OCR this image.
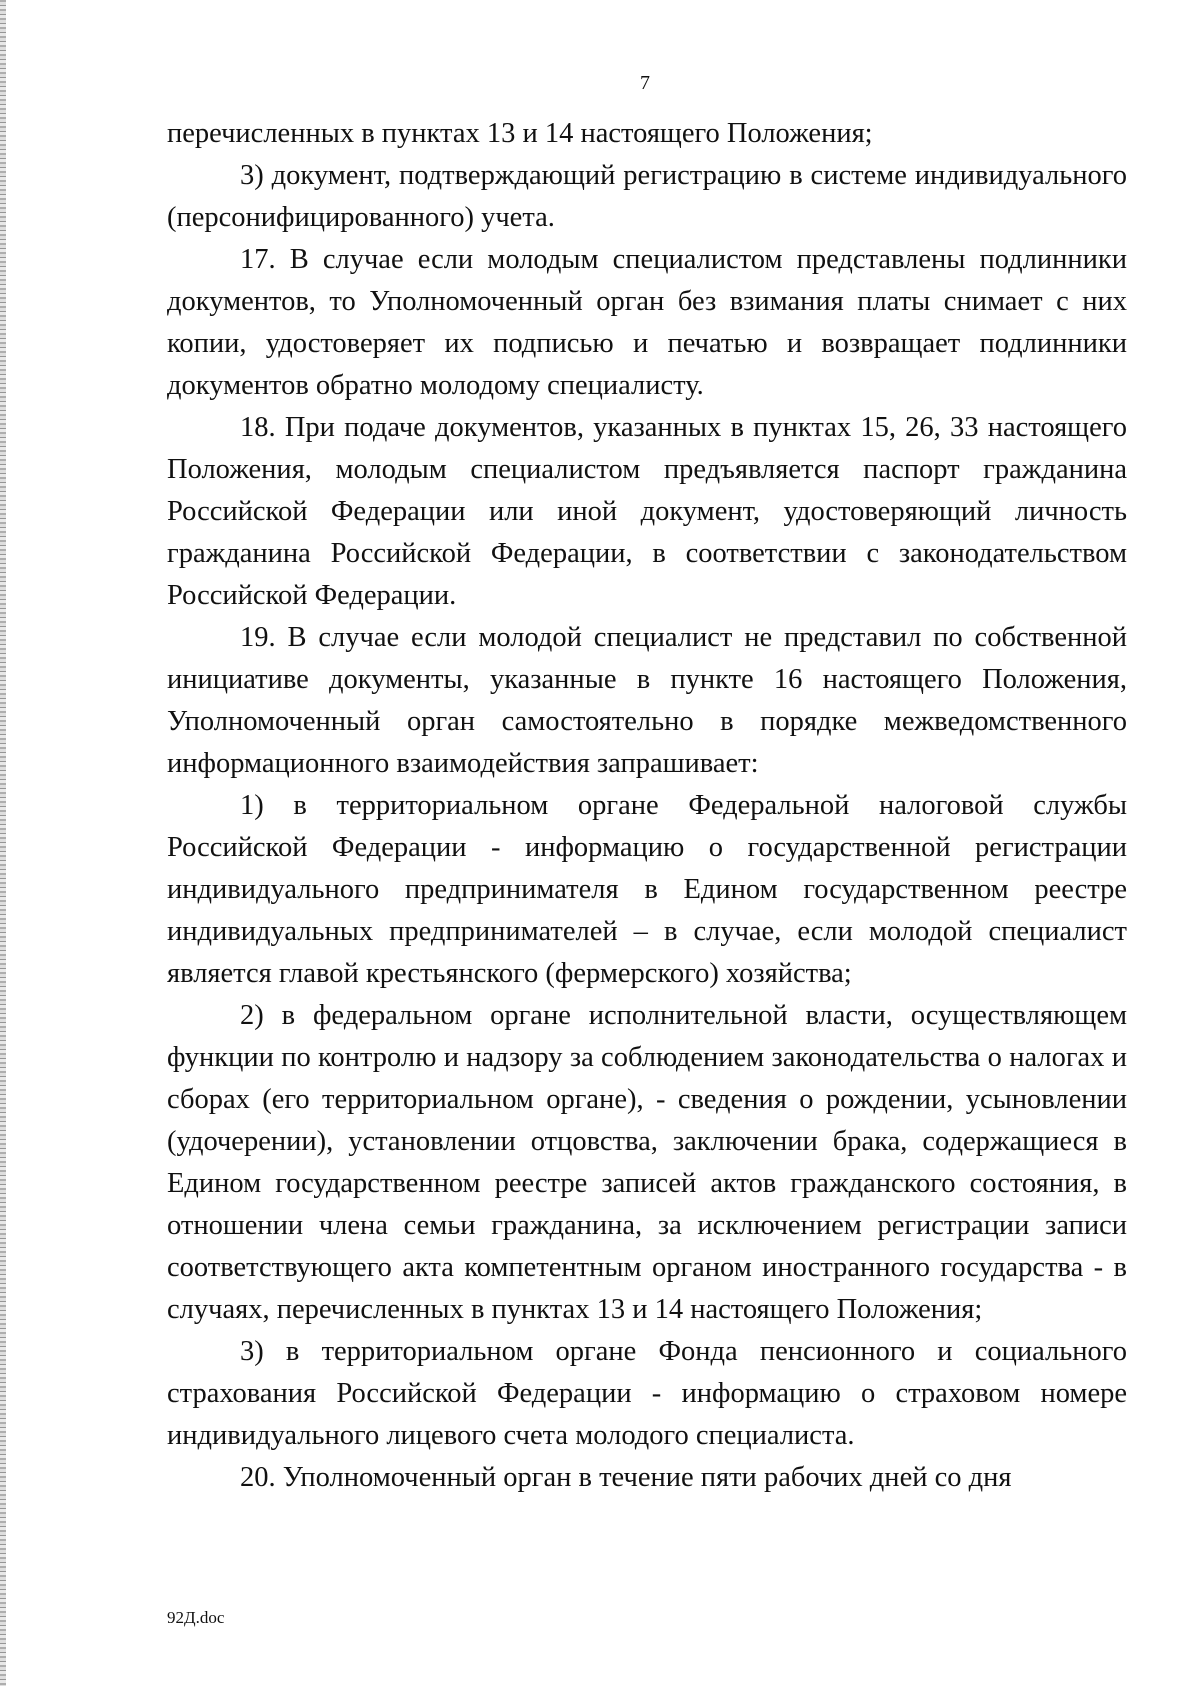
7

перечисленных в пунктах 13 и 14 настоящего Положения;

3) документ, подтверждающий регистрацию в системе индивидуального (персонифицированного) учета.

17. В случае если молодым специалистом представлены подлинники документов, то Уполномоченный орган без взимания платы снимает с них копии, удостоверяет их подписью и печатью и возвращает подлинники документов обратно молодому специалисту.

18. При подаче документов, указанных в пунктах 15, 26, 33 настоящего Положения, молодым специалистом предъявляется паспорт гражданина Российской Федерации или иной документ, удостоверяющий личность гражданина Российской Федерации, в соответствии с законодательством Российской Федерации.

19. В случае если молодой специалист не представил по собственной инициативе документы, указанные в пункте 16 настоящего Положения, Уполномоченный орган самостоятельно в порядке межведомственного информационного взаимодействия запрашивает:

1) в территориальном органе Федеральной налоговой службы Российской Федерации - информацию о государственной регистрации индивидуального предпринимателя в Едином государственном реестре индивидуальных предпринимателей – в случае, если молодой специалист является главой крестьянского (фермерского) хозяйства;

2) в федеральном органе исполнительной власти, осуществляющем функции по контролю и надзору за соблюдением законодательства о налогах и сборах (его территориальном органе), - сведения о рождении, усыновлении (удочерении), установлении отцовства, заключении брака, содержащиеся в Едином государственном реестре записей актов гражданского состояния, в отношении члена семьи гражданина, за исключением регистрации записи соответствующего акта компетентным органом иностранного государства - в случаях, перечисленных в пунктах 13 и 14 настоящего Положения;

3) в территориальном органе Фонда пенсионного и социального страхования Российской Федерации - информацию о страховом номере индивидуального лицевого счета молодого специалиста.

20. Уполномоченный орган в течение пяти рабочих дней со дня

92Д.doc
